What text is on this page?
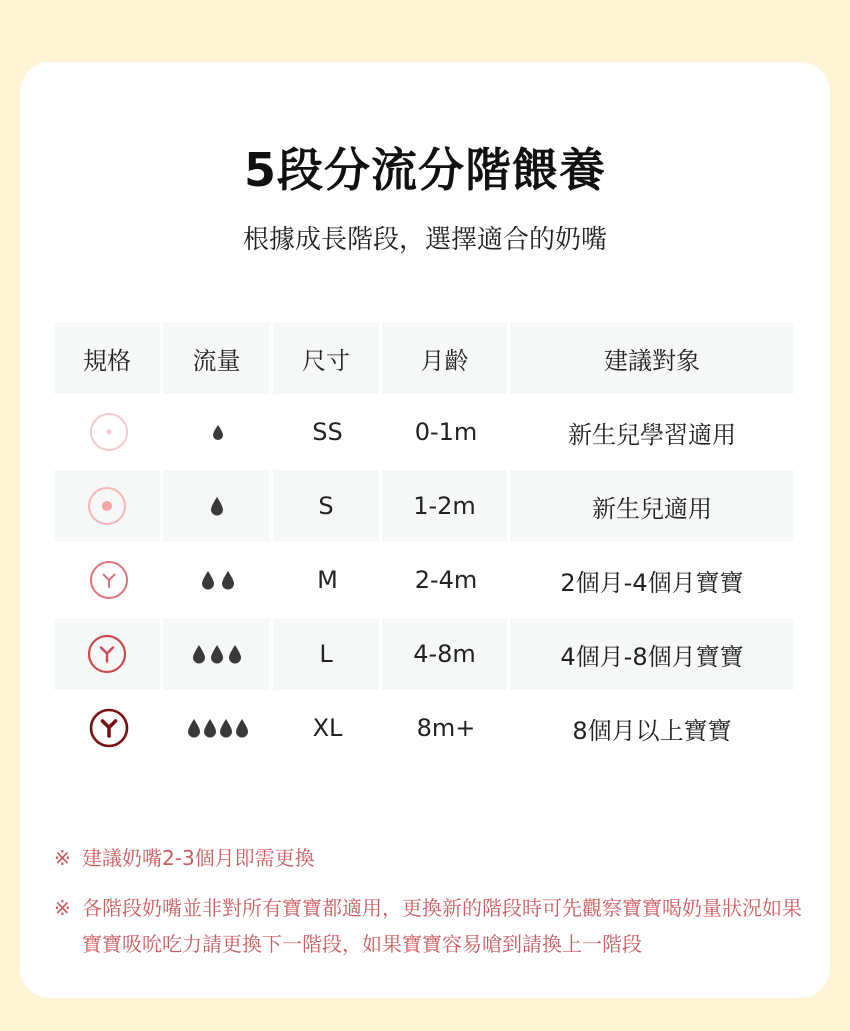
5段分流分階餵養
根據成長階段，選擇適合的奶嘴
規格	流量	尺寸	月齡	建議對象
SS	0-1m	新生兒學習適用
S	1-2m	新生兒適用
M	2-4m	2個月-4個月寶寶
L	4-8m	4個月-8個月寶寶
XL	8m+	8個月以上寶寶
※ 建議奶嘴2-3個月即需更換
※ 各階段奶嘴並非對所有寶寶都適用，更換新的階段時可先觀察寶寶喝奶量狀況如果寶寶吸吮吃力請更換下一階段，如果寶寶容易嗆到請換上一階段
